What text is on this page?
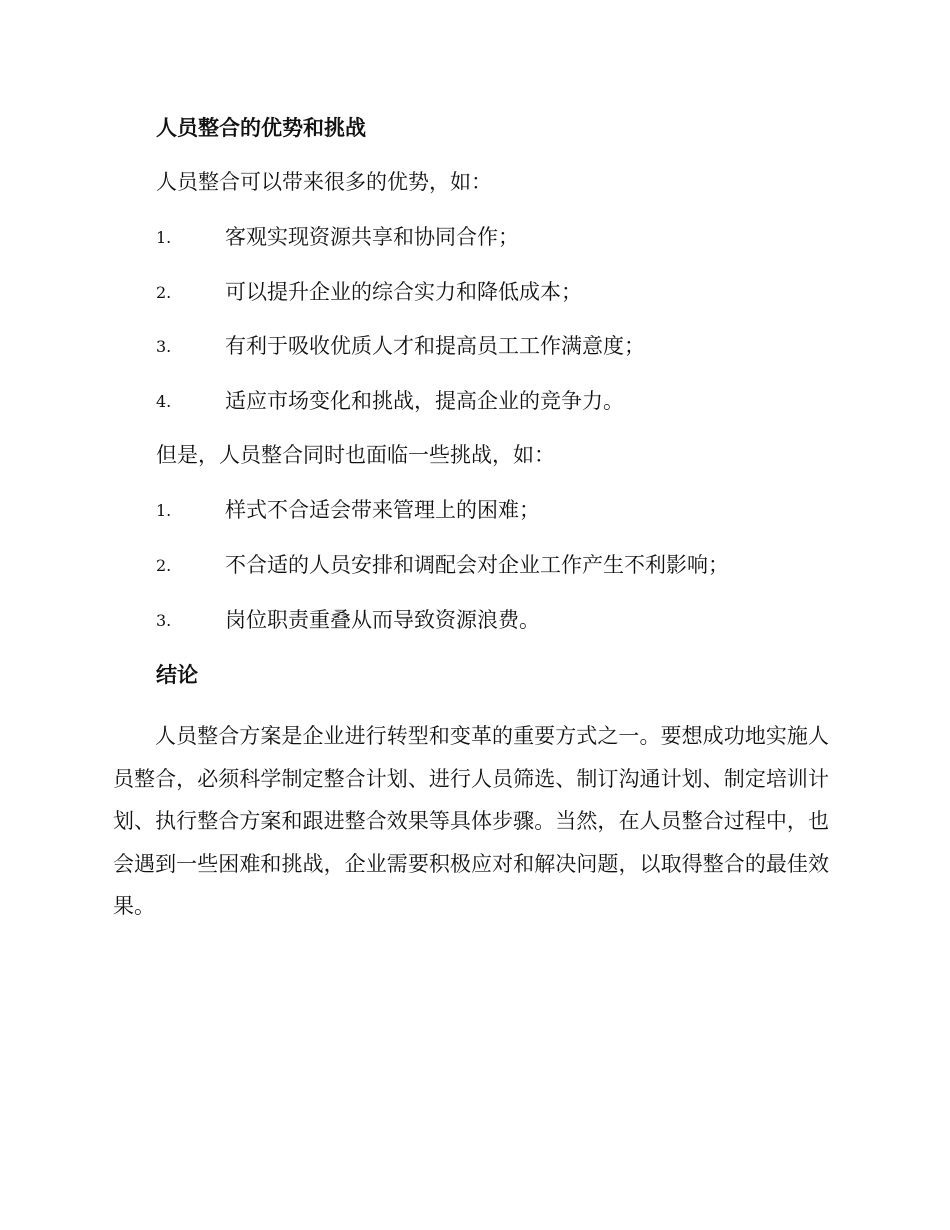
人员整合的优势和挑战
人员整合可以带来很多的优势，如：
1.	客观实现资源共享和协同合作；
2.	可以提升企业的综合实力和降低成本；
3.	有利于吸收优质人才和提高员工工作满意度；
4.	适应市场变化和挑战，提高企业的竞争力。
但是，人员整合同时也面临一些挑战，如：
1.	样式不合适会带来管理上的困难；
2.	不合适的人员安排和调配会对企业工作产生不利影响；
3.	岗位职责重叠从而导致资源浪费。
结论

人员整合方案是企业进行转型和变革的重要方式之一。要想成功地实施人员整合，必须科学制定整合计划、进行人员筛选、制订沟通计划、制定培训计划、执行整合方案和跟进整合效果等具体步骤。当然，在人员整合过程中，也会遇到一些困难和挑战，企业需要积极应对和解决问题，以取得整合的最佳效果。
